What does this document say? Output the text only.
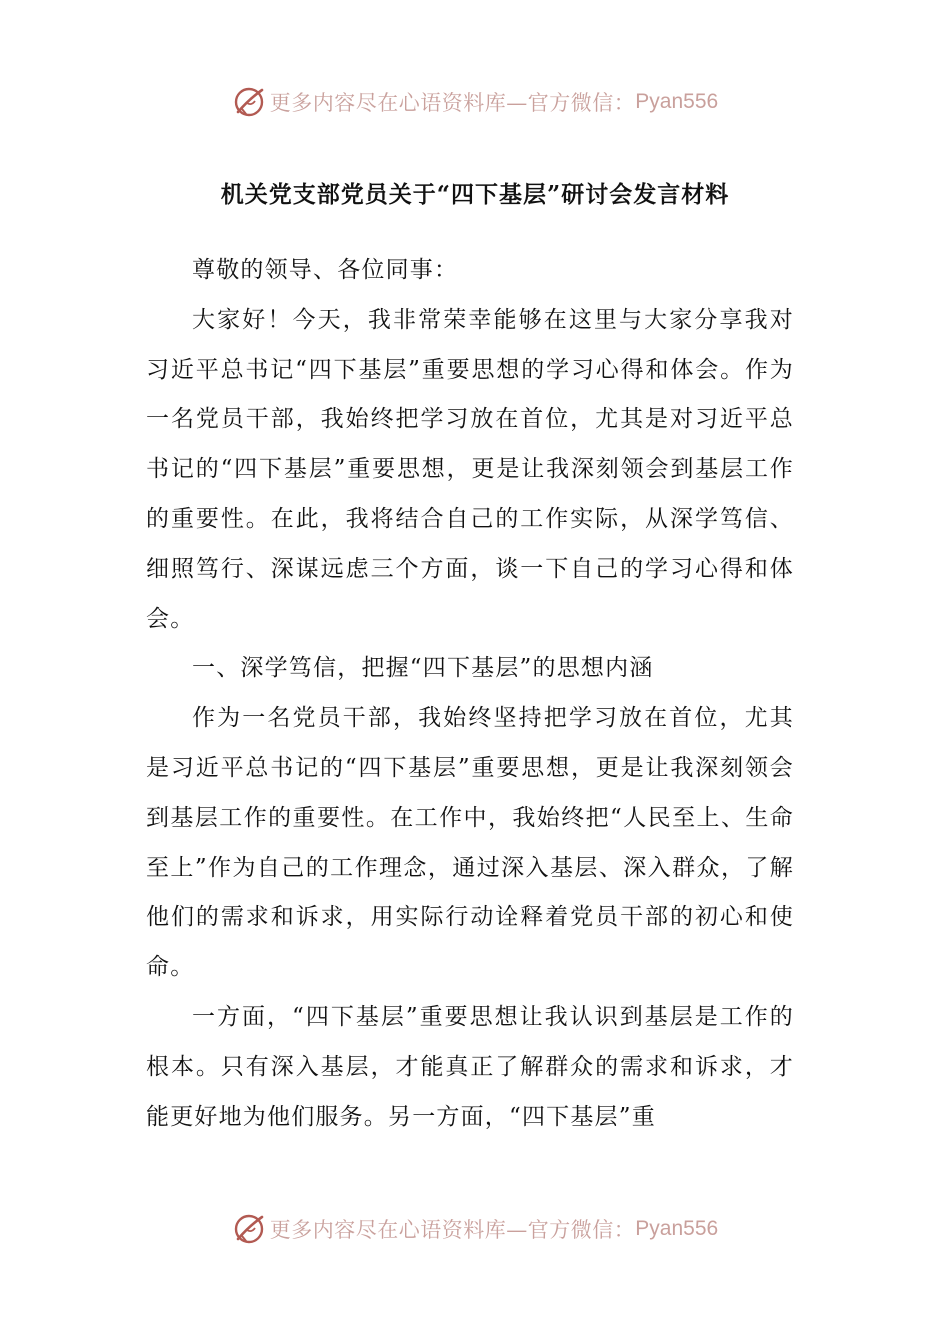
更多内容尽在心语资料库—官方微信： Pyan556
机关党支部党员关于“四下基层”研讨会发言材料

尊敬的领导、各位同事：

大家好！今天，我非常荣幸能够在这里与大家分享我对习近平总书记“四下基层”重要思想的学习心得和体会。作为一名党员干部，我始终把学习放在首位，尤其是对习近平总书记的“四下基层”重要思想，更是让我深刻领会到基层工作的重要性。在此，我将结合自己的工作实际，从深学笃信、细照笃行、深谋远虑三个方面，谈一下自己的学习心得和体会。

一、深学笃信，把握“四下基层”的思想内涵

作为一名党员干部，我始终坚持把学习放在首位，尤其是习近平总书记的“四下基层”重要思想，更是让我深刻领会到基层工作的重要性。在工作中，我始终把“人民至上、生命至上”作为自己的工作理念，通过深入基层、深入群众，了解他们的需求和诉求，用实际行动诠释着党员干部的初心和使命。

一方面，“四下基层”重要思想让我认识到基层是工作的根本。只有深入基层，才能真正了解群众的需求和诉求，才能更好地为他们服务。另一方面，“四下基层”重

更多内容尽在心语资料库—官方微信： Pyan556
